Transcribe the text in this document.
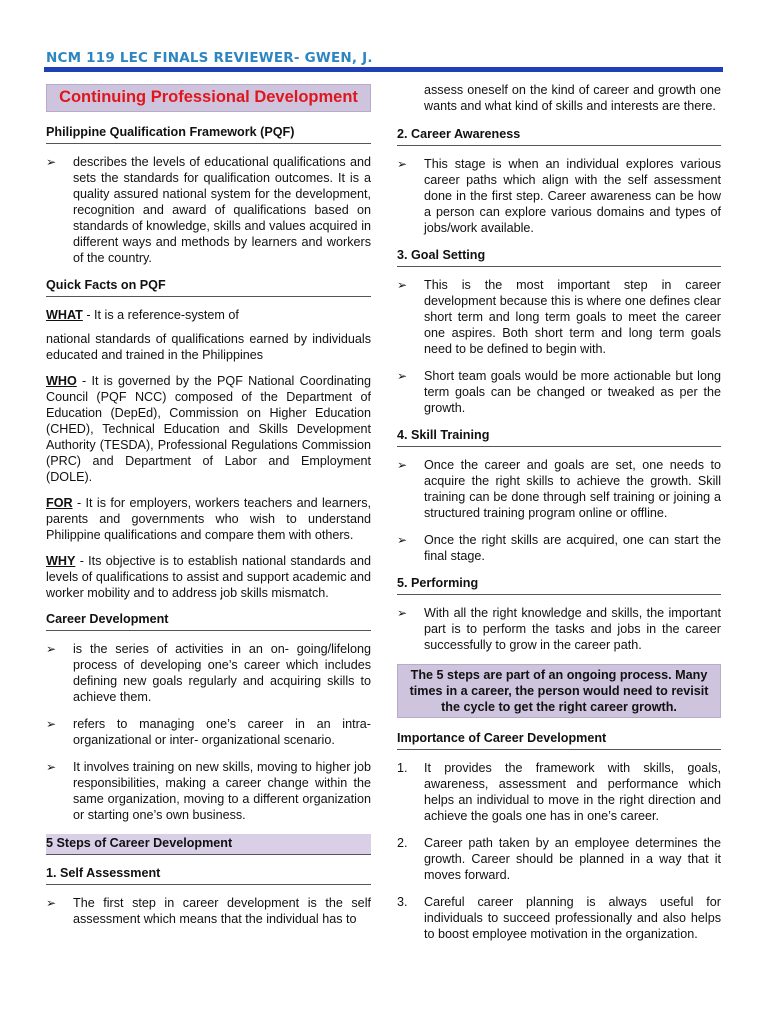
NCM 119 LEC FINALS REVIEWER- GWEN, J.
Continuing Professional Development
Philippine Qualification Framework (PQF)
➢	describes the levels of educational qualifications and sets the standards for qualification outcomes. It is a quality assured national system for the development, recognition and award of qualifications based on standards of knowledge, skills and values acquired in different ways and methods by learners and workers of the country.
Quick Facts on PQF
WHAT - It is a reference-system of
national standards of qualifications earned by individuals educated and trained in the Philippines
WHO - It is governed by the PQF National Coordinating Council (PQF NCC) composed of the Department of Education (DepEd), Commission on Higher Education (CHED), Technical Education and Skills Development Authority (TESDA), Professional Regulations Commission (PRC) and Department of Labor and Employment (DOLE).
FOR - It is for employers, workers teachers and learners, parents and governments who wish to understand Philippine qualifications and compare them with others.
WHY - Its objective is to establish national standards and levels of qualifications to assist and support academic and worker mobility and to address job skills mismatch.
Career Development
➢	is the series of activities in an on- going/lifelong process of developing one’s career which includes defining new goals regularly and acquiring skills to achieve them.
➢	refers to managing one’s career in an intra-organizational or inter- organizational scenario.
➢	It involves training on new skills, moving to higher job responsibilities, making a career change within the same organization, moving to a different organization or starting one’s own business.
5 Steps of Career Development
1. Self Assessment
➢	The first step in career development is the self assessment which means that the individual has to
assess oneself on the kind of career and growth one wants and what kind of skills and interests are there.
2. Career Awareness
➢	This stage is when an individual explores various career paths which align with the self assessment done in the first step. Career awareness can be how a person can explore various domains and types of jobs/work available.
3. Goal Setting
➢	This is the most important step in career development because this is where one defines clear short term and long term goals to meet the career one aspires. Both short term and long term goals need to be defined to begin with.
➢	Short team goals would be more actionable but long term goals can be changed or tweaked as per the growth.
4. Skill Training
➢	Once the career and goals are set, one needs to acquire the right skills to achieve the growth. Skill training can be done through self training or joining a structured training program online or offline.
➢	Once the right skills are acquired, one can start the final stage.
5. Performing
➢	With all the right knowledge and skills, the important part is to perform the tasks and jobs in the career successfully to grow in the career path.
The 5 steps are part of an ongoing process. Many times in a career, the person would need to revisit the cycle to get the right career growth.
Importance of Career Development
1.	It provides the framework with skills, goals, awareness, assessment and performance which helps an individual to move in the right direction and achieve the goals one has in one’s career.
2.	Career path taken by an employee determines the growth. Career should be planned in a way that it moves forward.
3.	Careful career planning is always useful for individuals to succeed professionally and also helps to boost employee motivation in the organization.
